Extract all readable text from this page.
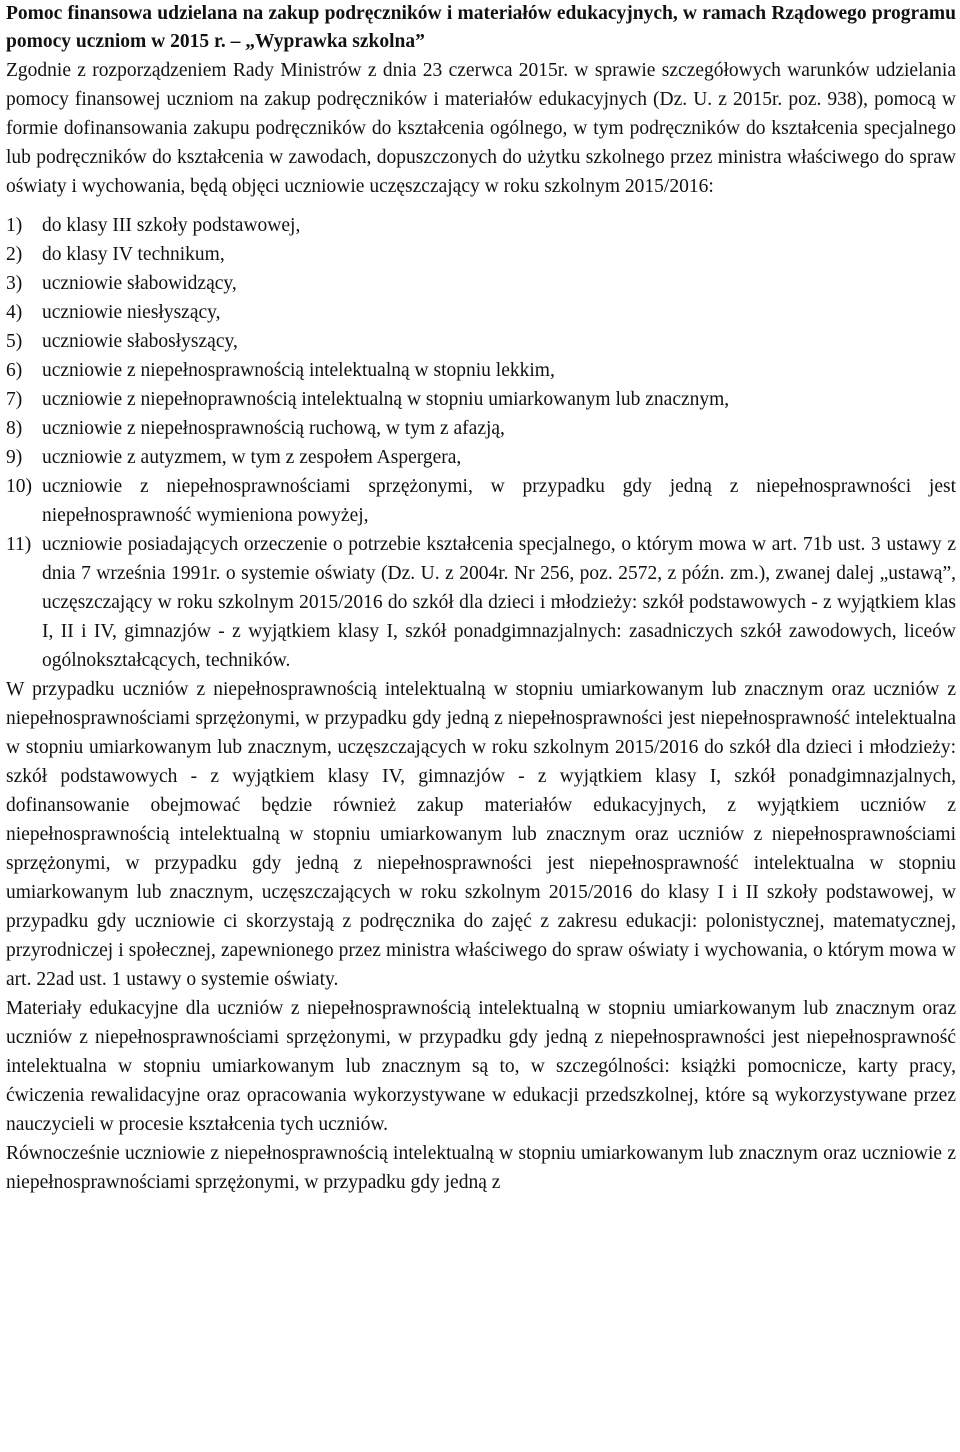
Pomoc finansowa udzielana na zakup podręczników i materiałów edukacyjnych, w ramach Rządowego programu pomocy uczniom w 2015 r. – „Wyprawka szkolna”

Zgodnie z rozporządzeniem Rady Ministrów z dnia 23 czerwca 2015r. w sprawie szczegółowych warunków udzielania pomocy finansowej uczniom na zakup podręczników i materiałów edukacyjnych (Dz. U. z 2015r. poz. 938), pomocą w formie dofinansowania zakupu podręczników do kształcenia ogólnego, w tym podręczników do kształcenia specjalnego lub podręczników do kształcenia w zawodach, dopuszczonych do użytku szkolnego przez ministra właściwego do spraw oświaty i wychowania, będą objęci uczniowie uczęszczający w roku szkolnym 2015/2016:

1)	do klasy III szkoły podstawowej,
2)	do klasy IV technikum,
3)	uczniowie słabowidzący,
4)	uczniowie niesłyszący,
5)	uczniowie słabosłyszący,
6)	uczniowie z niepełnosprawnością intelektualną w stopniu lekkim,
7)	uczniowie z niepełnoprawnością intelektualną w stopniu umiarkowanym lub znacznym,
8)	uczniowie z niepełnosprawnością ruchową, w tym z afazją,
9)	uczniowie z autyzmem, w tym z zespołem Aspergera,
10) uczniowie z niepełnosprawnościami sprzężonymi, w przypadku gdy jedną z niepełnosprawności jest niepełnosprawność wymieniona powyżej,
11) uczniowie posiadających orzeczenie o potrzebie kształcenia specjalnego, o którym mowa w art. 71b ust. 3 ustawy z dnia 7 września 1991r. o systemie oświaty (Dz. U. z 2004r. Nr 256, poz. 2572, z późn. zm.), zwanej dalej „ustawą”, uczęszczający w roku szkolnym 2015/2016 do szkół dla dzieci i młodzieży: szkół podstawowych - z wyjątkiem klas I, II i IV, gimnazjów - z wyjątkiem klasy I, szkół ponadgimnazjalnych: zasadniczych szkół zawodowych, liceów ogólnokształcących, techników.

W przypadku uczniów z niepełnosprawnością intelektualną w stopniu umiarkowanym lub znacznym oraz uczniów z niepełnosprawnościami sprzężonymi, w przypadku gdy jedną z niepełnosprawności jest niepełnosprawność intelektualna w stopniu umiarkowanym lub znacznym, uczęszczających w roku szkolnym 2015/2016 do szkół dla dzieci i młodzieży: szkół podstawowych - z wyjątkiem klasy IV, gimnazjów - z wyjątkiem klasy I, szkół ponadgimnazjalnych, dofinansowanie obejmować będzie również zakup materiałów edukacyjnych, z wyjątkiem uczniów z niepełnosprawnością intelektualną w stopniu umiarkowanym lub znacznym oraz uczniów z niepełnosprawnościami sprzężonymi, w przypadku gdy jedną z niepełnosprawności jest niepełnosprawność intelektualna w stopniu umiarkowanym lub znacznym, uczęszczających w roku szkolnym 2015/2016 do klasy I i II szkoły podstawowej, w przypadku gdy uczniowie ci skorzystają z podręcznika do zajęć z zakresu edukacji: polonistycznej, matematycznej, przyrodniczej i społecznej, zapewnionego przez ministra właściwego do spraw oświaty i wychowania, o którym mowa w art. 22ad ust. 1 ustawy o systemie oświaty.

Materiały edukacyjne dla uczniów z niepełnosprawnością intelektualną w stopniu umiarkowanym lub znacznym oraz uczniów z niepełnosprawnościami sprzężonymi, w przypadku gdy jedną z niepełnosprawności jest niepełnosprawność intelektualna w stopniu umiarkowanym lub znacznym są to, w szczególności: książki pomocnicze, karty pracy, ćwiczenia rewalidacyjne oraz opracowania wykorzystywane w edukacji przedszkolnej, które są wykorzystywane przez nauczycieli w procesie kształcenia tych uczniów.

Równocześnie uczniowie z niepełnosprawnością intelektualną w stopniu umiarkowanym lub znacznym oraz uczniowie z niepełnosprawnościami sprzężonymi, w przypadku gdy jedną z
